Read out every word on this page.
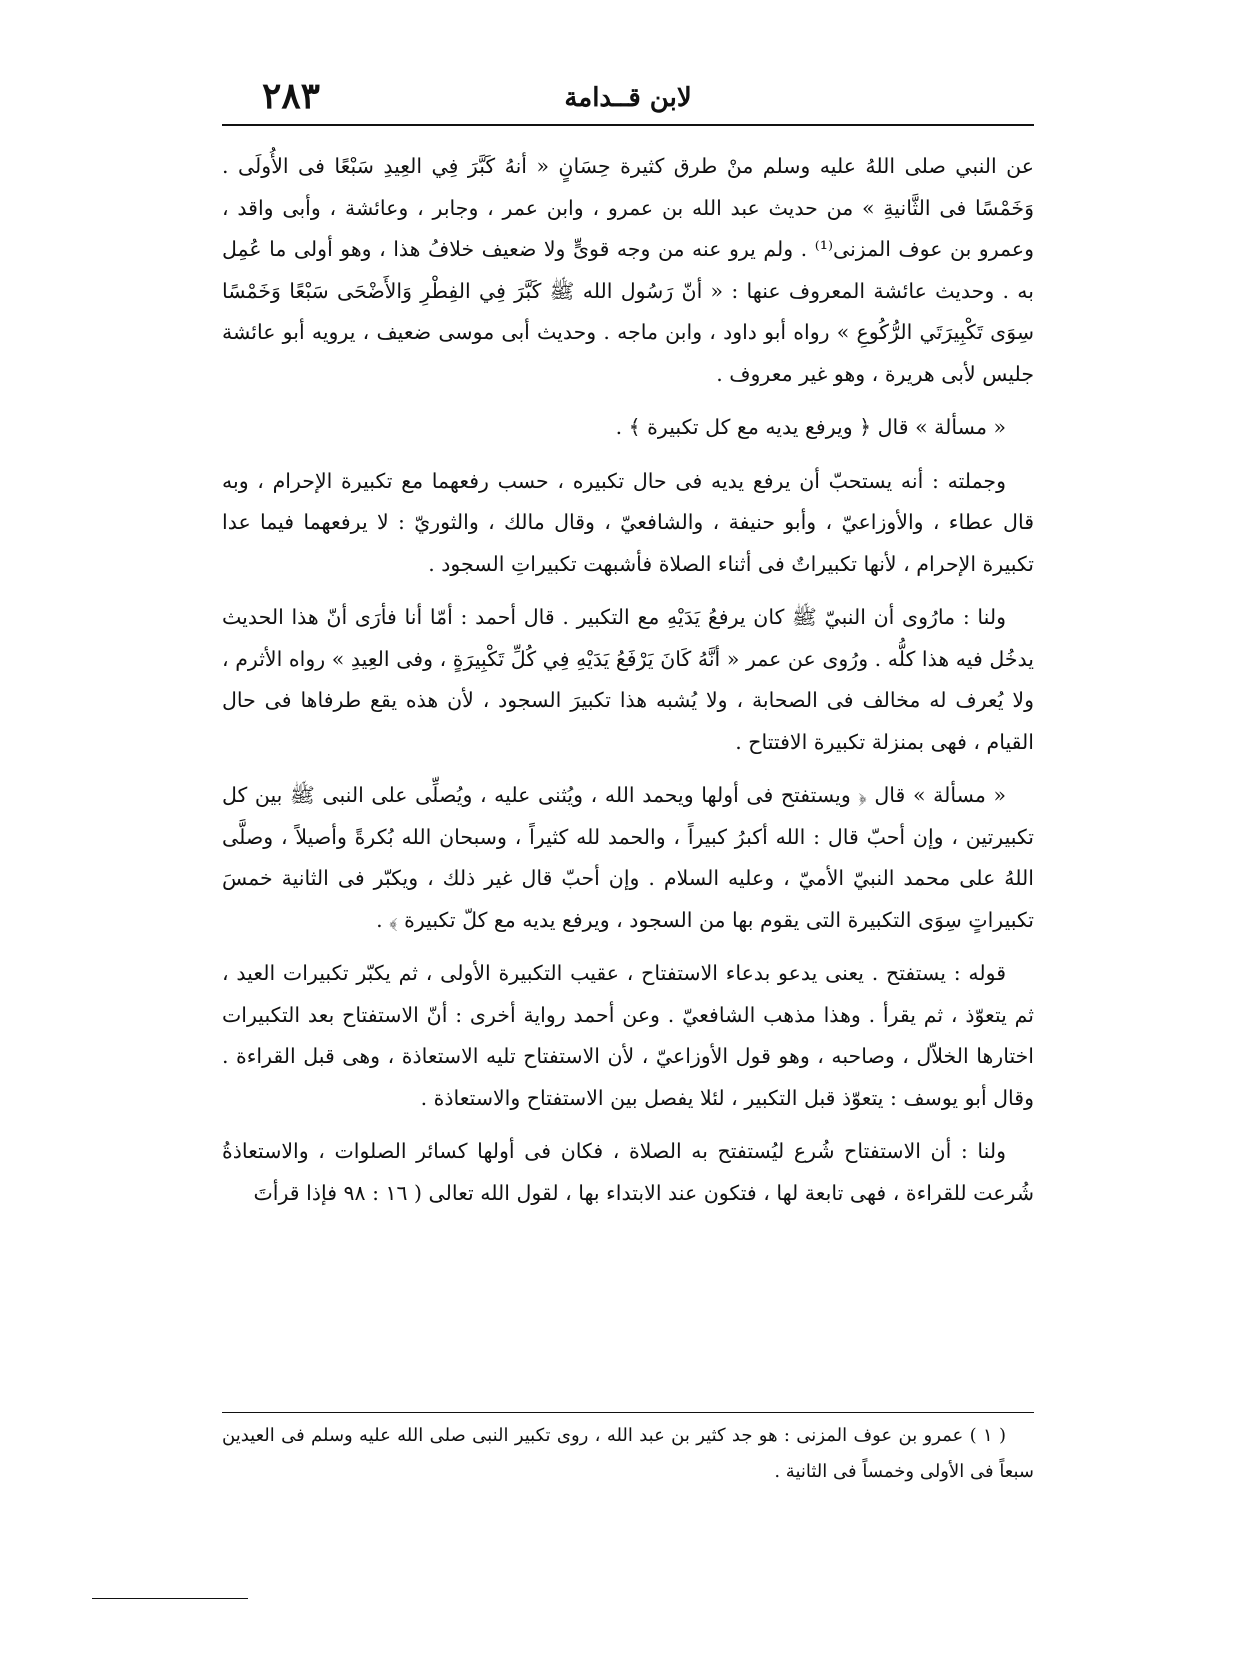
٢٨٣	لابن قــدامة

عن النبي صلى اللهُ عليه وسلم منْ طرق كثيرة حِسَانٍ « أنهُ كَبَّرَ فِي العِيدِ سَبْعًا فى الأُولَى . وَخَمْسًا فى الثَّانيةِ » من حديث عبد الله بن عمرو ، وابن عمر ، وجابر ، وعائشة ، وأبى واقد ، وعمرو بن عوف المزنى⁽¹⁾ . ولم يرو عنه من وجه قوىٍّ ولا ضعيف خلافُ هذا ، وهو أولى ما عُمِل به . وحديث عائشة المعروف عنها : « أنّ رَسُول الله ﷺ كَبَّرَ فِي الفِطْرِ وَالأَضْحَى سَبْعًا وَخَمْسًا سِوَى تَكْبِيرَتَي الرُّكُوعِ » رواه أبو داود ، وابن ماجه . وحديث أبى موسى ضعيف ، يرويه أبو عائشة جليس لأبى هريرة ، وهو غير معروف .

« مسألة » قال ﴿ ويرفع يديه مع كل تكبيرة ﴾ .

وجملته : أنه يستحبّ أن يرفع يديه فى حال تكبيره ، حسب رفعهما مع تكبيرة الإحرام ، وبه قال عطاء ، والأوزاعيّ ، وأبو حنيفة ، والشافعيّ ، وقال مالك ، والثوريّ : لا يرفعهما فيما عدا تكبيرة الإحرام ، لأنها تكبيراتٌ فى أثناء الصلاة فأشبهت تكبيراتِ السجود .

ولنا : مارُوى أن النبيّ ﷺ كان يرفعُ يَدَيْهِ مع التكبير . قال أحمد : أمّا أنا فأرَى أنّ هذا الحديث يدخُل فيه هذا كلُّه . ورُوى عن عمر « أنَّهُ كَانَ يَرْفَعُ يَدَيْهِ فِي كُلِّ تَكْبِيرَةٍ ، وفى العِيدِ » رواه الأثرم ، ولا يُعرف له مخالف فى الصحابة ، ولا يُشبه هذا تكبيرَ السجود ، لأن هذه يقع طرفاها فى حال القيام ، فهى بمنزلة تكبيرة الافتتاح .

« مسألة » قال ﴿ ويستفتح فى أولها ويحمد الله ، ويُثنى عليه ، ويُصلِّى على النبى ﷺ بين كل تكبيرتين ، وإن أحبّ قال : الله أكبرُ كبيراً ، والحمد لله كثيراً ، وسبحان الله بُكرةً وأصيلاً ، وصلَّى اللهُ على محمد النبيّ الأميّ ، وعليه السلام . وإن أحبّ قال غير ذلك ، ويكبّر فى الثانية خمسَ تكبيراتٍ سِوَى التكبيرة التى يقوم بها من السجود ، ويرفع يديه مع كلّ تكبيرة ﴾ .

قوله : يستفتح . يعنى يدعو بدعاء الاستفتاح ، عقيب التكبيرة الأولى ، ثم يكبّر تكبيرات العيد ، ثم يتعوّذ ، ثم يقرأ . وهذا مذهب الشافعيّ . وعن أحمد رواية أخرى : أنّ الاستفتاح بعد التكبيرات اختارها الخلاّل ، وصاحبه ، وهو قول الأوزاعيّ ، لأن الاستفتاح تليه الاستعاذة ، وهى قبل القراءة . وقال أبو يوسف : يتعوّذ قبل التكبير ، لئلا يفصل بين الاستفتاح والاستعاذة .

ولنا : أن الاستفتاح شُرع ليُستفتح به الصلاة ، فكان فى أولها كسائر الصلوات ، والاستعاذةُ شُرعت للقراءة ، فهى تابعة لها ، فتكون عند الابتداء بها ، لقول الله تعالى ( ١٦ : ٩٨ فإذا قرأتَ

( ١ ) عمرو بن عوف المزنى : هو جد كثير بن عبد الله ، روى تكبير النبى صلى الله عليه وسلم فى العيدين سبعاً فى الأولى وخمساً فى الثانية .
